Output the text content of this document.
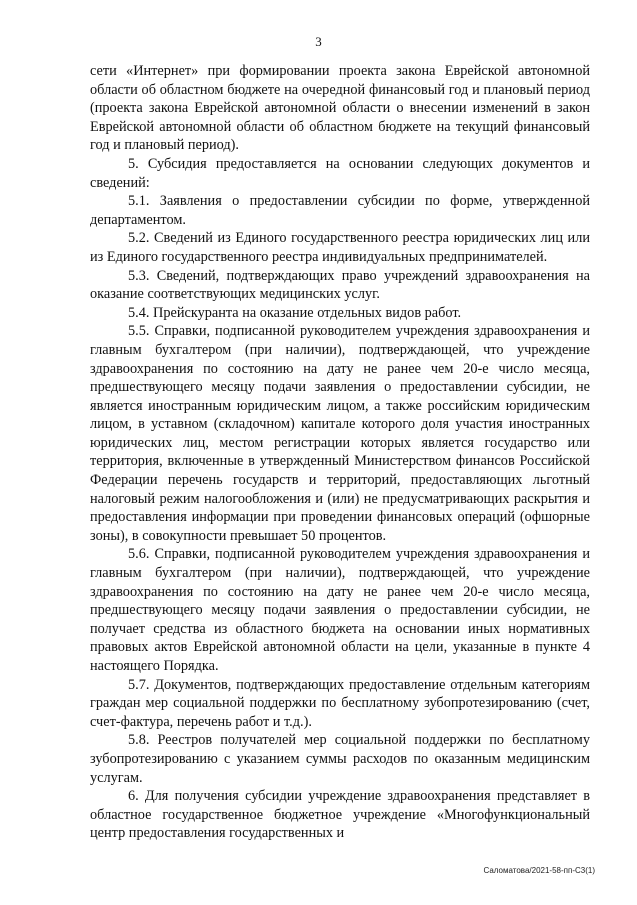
3

сети «Интернет» при формировании проекта закона Еврейской автономной области об областном бюджете на очередной финансовый год и плановый период (проекта закона Еврейской автономной области о внесении изменений в закон Еврейской автономной области об областном бюджете на текущий финансовый год и плановый период).

5. Субсидия предоставляется на основании следующих документов и сведений:

5.1. Заявления о предоставлении субсидии по форме, утвержденной департаментом.

5.2. Сведений из Единого государственного реестра юридических лиц или из Единого государственного реестра индивидуальных предпринимателей.

5.3. Сведений, подтверждающих право учреждений здравоохранения на оказание соответствующих медицинских услуг.

5.4. Прейскуранта на оказание отдельных видов работ.

5.5. Справки, подписанной руководителем учреждения здравоохранения и главным бухгалтером (при наличии), подтверждающей, что учреждение здравоохранения по состоянию на дату не ранее чем 20-е число месяца, предшествующего месяцу подачи заявления о предоставлении субсидии, не является иностранным юридическим лицом, а также российским юридическим лицом, в уставном (складочном) капитале которого доля участия иностранных юридических лиц, местом регистрации которых является государство или территория, включенные в утвержденный Министерством финансов Российской Федерации перечень государств и территорий, предоставляющих льготный налоговый режим налогообложения и (или) не предусматривающих раскрытия и предоставления информации при проведении финансовых операций (офшорные зоны), в совокупности превышает 50 процентов.

5.6. Справки, подписанной руководителем учреждения здравоохранения и главным бухгалтером (при наличии), подтверждающей, что учреждение здравоохранения по состоянию на дату не ранее чем 20-е число месяца, предшествующего месяцу подачи заявления о предоставлении субсидии, не получает средства из областного бюджета на основании иных нормативных правовых актов Еврейской автономной области на цели, указанные в пункте 4 настоящего Порядка.

5.7. Документов, подтверждающих предоставление отдельным категориям граждан мер социальной поддержки по бесплатному зубопротезированию (счет, счет-фактура, перечень работ и т.д.).

5.8. Реестров получателей мер социальной поддержки по бесплатному зубопротезированию с указанием суммы расходов по оказанным медицинским услугам.

6. Для получения субсидии учреждение здравоохранения представляет в областное государственное бюджетное учреждение «Многофункциональный центр предоставления государственных и

Саломатова/2021-58-пп-С3(1)
